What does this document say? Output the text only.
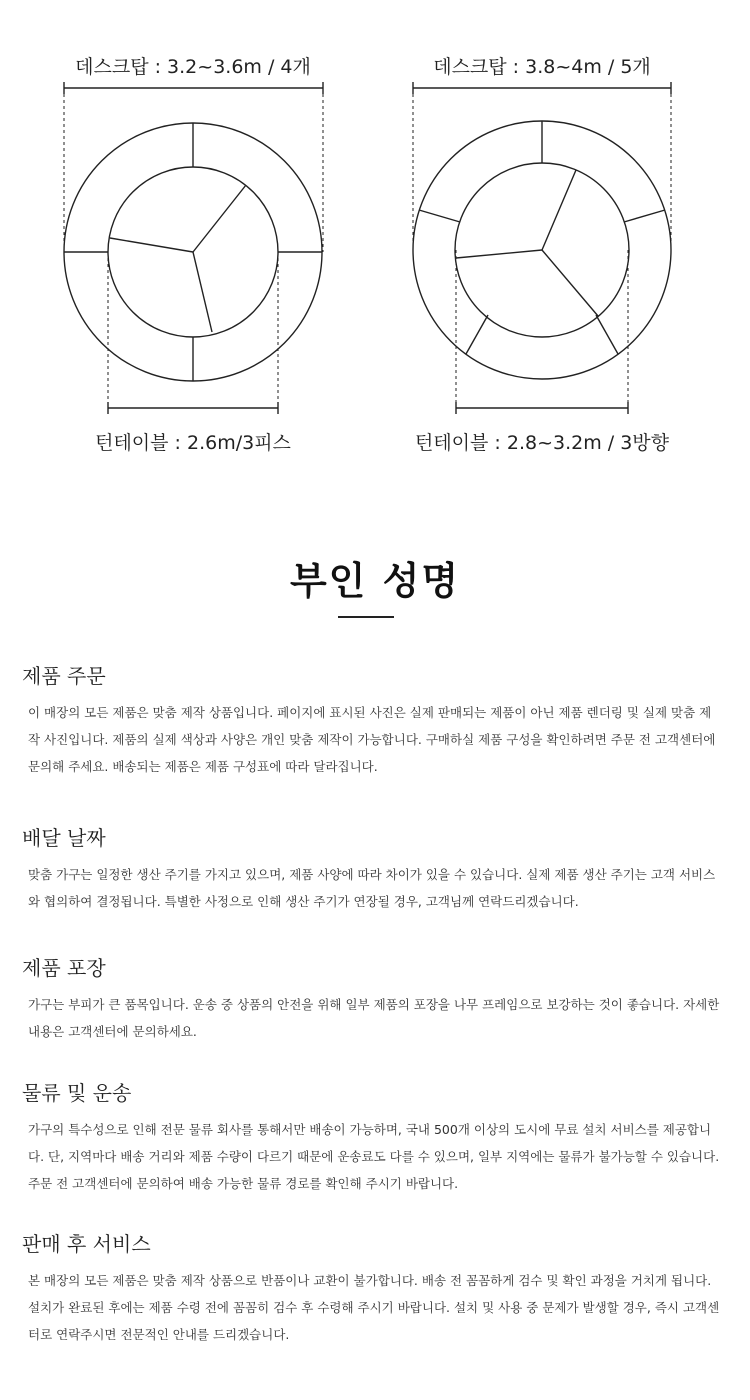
데스크탑 : 3.2~3.6m / 4개	데스크탑 : 3.8~4m / 5개
턴테이블 : 2.6m/3피스	턴테이블 : 2.8~3.2m / 3방향
부인 성명
제품 주문

이 매장의 모든 제품은 맞춤 제작 상품입니다. 페이지에 표시된 사진은 실제 판매되는 제품이 아닌 제품 렌더링 및 실제 맞춤 제작 사진입니다. 제품의 실제 색상과 사양은 개인 맞춤 제작이 가능합니다. 구매하실 제품 구성을 확인하려면 주문 전 고객센터에 문의해 주세요. 배송되는 제품은 제품 구성표에 따라 달라집니다.

배달 날짜

맞춤 가구는 일정한 생산 주기를 가지고 있으며, 제품 사양에 따라 차이가 있을 수 있습니다. 실제 제품 생산 주기는 고객 서비스와 협의하여 결정됩니다. 특별한 사정으로 인해 생산 주기가 연장될 경우, 고객님께 연락드리겠습니다.

제품 포장

가구는 부피가 큰 품목입니다. 운송 중 상품의 안전을 위해 일부 제품의 포장을 나무 프레임으로 보강하는 것이 좋습니다. 자세한 내용은 고객센터에 문의하세요.

물류 및 운송

가구의 특수성으로 인해 전문 물류 회사를 통해서만 배송이 가능하며, 국내 500개 이상의 도시에 무료 설치 서비스를 제공합니다. 단, 지역마다 배송 거리와 제품 수량이 다르기 때문에 운송료도 다를 수 있으며, 일부 지역에는 물류가 불가능할 수 있습니다. 주문 전 고객센터에 문의하여 배송 가능한 물류 경로를 확인해 주시기 바랍니다.

판매 후 서비스

본 매장의 모든 제품은 맞춤 제작 상품으로 반품이나 교환이 불가합니다. 배송 전 꼼꼼하게 검수 및 확인 과정을 거치게 됩니다. 설치가 완료된 후에는 제품 수령 전에 꼼꼼히 검수 후 수령해 주시기 바랍니다. 설치 및 사용 중 문제가 발생할 경우, 즉시 고객센터로 연락주시면 전문적인 안내를 드리겠습니다.
